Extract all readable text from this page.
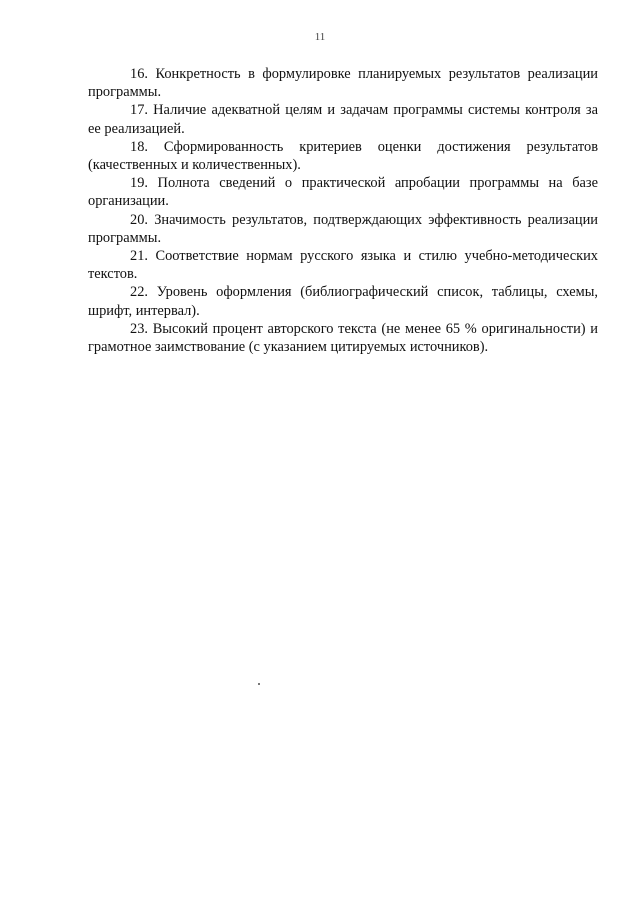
11

16. Конкретность в формулировке планируемых результатов реализации программы.

17. Наличие адекватной целям и задачам программы системы контроля за ее реализацией.

18. Сформированность критериев оценки достижения результатов (качественных и количественных).

19. Полнота сведений о практической апробации программы на базе организации.

20. Значимость результатов, подтверждающих эффективность реализации программы.

21. Соответствие нормам русского языка и стилю учебно-методических текстов.

22. Уровень оформления (библиографический список, таблицы, схемы, шрифт, интервал).

23. Высокий процент авторского текста (не менее 65 % оригинальности) и грамотное заимствование (с указанием цитируемых источников).
